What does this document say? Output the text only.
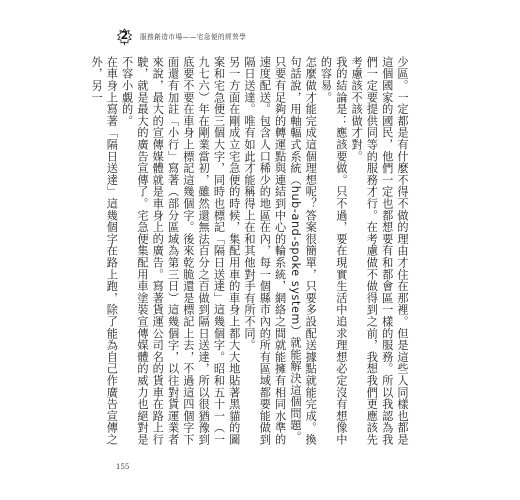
2	服務創造市場——宅急便的經營學

少區。一定都是有什麼不得不做的理由才住在那裡。但是這些人同樣也都是這個國家的國民，他們一定也都想要有和都會區一樣的服務。所以我認為我們一定要提供同等的服務才行。在考慮做不做得到之前，我想我們更應該先考慮該不該做才對。

我的結論是：應該要做。只不過，要在現實生活中追求理想必定沒有想像中的容易。

怎麼做才能完成這個理想呢？答案很簡單，只要多設配送據點就能完成。換句話說，用軸輻式系統（hub-and-spoke system）就能解決這個問題。只要有足夠的轉運點與連結到中心的輪系統，網絡之間就能擁有相同水準的速度配送。包含人口稀少的地區在內，每一個縣市內的所有區域都要能做到隔日送達。唯有如此才能稱得上在和其他對手有所不同。

另一方面在剛成立宅急便的時候，集配用車的車身上都大大地貼著黑貓的圖案和宅急便三個大字，同時也標記「隔日送達」這幾個字。昭和五十一（一九七六）年在剛業當初，雖然還無法百分之百做到隔日送達，所以很猶豫到底要不要在車身上標記這幾個字。後來乾脆還是標記上去，不過這四個字下面還有加註「小行」寫著（部分區域為第三日）這幾個字，以往對貨運業者來說，最大的宣傳媒體就是車身上的廣告。寫著貨運公司名的貨車在路上行駛，就是最大的廣告宣傳了。宅急便集配用車塗裝宣傳媒體的威力也絕對是不容小覷的。

在車身上寫著「隔日送達」這幾個字在路上跑，除了能為自己作廣告宣傳之外，另一

155
